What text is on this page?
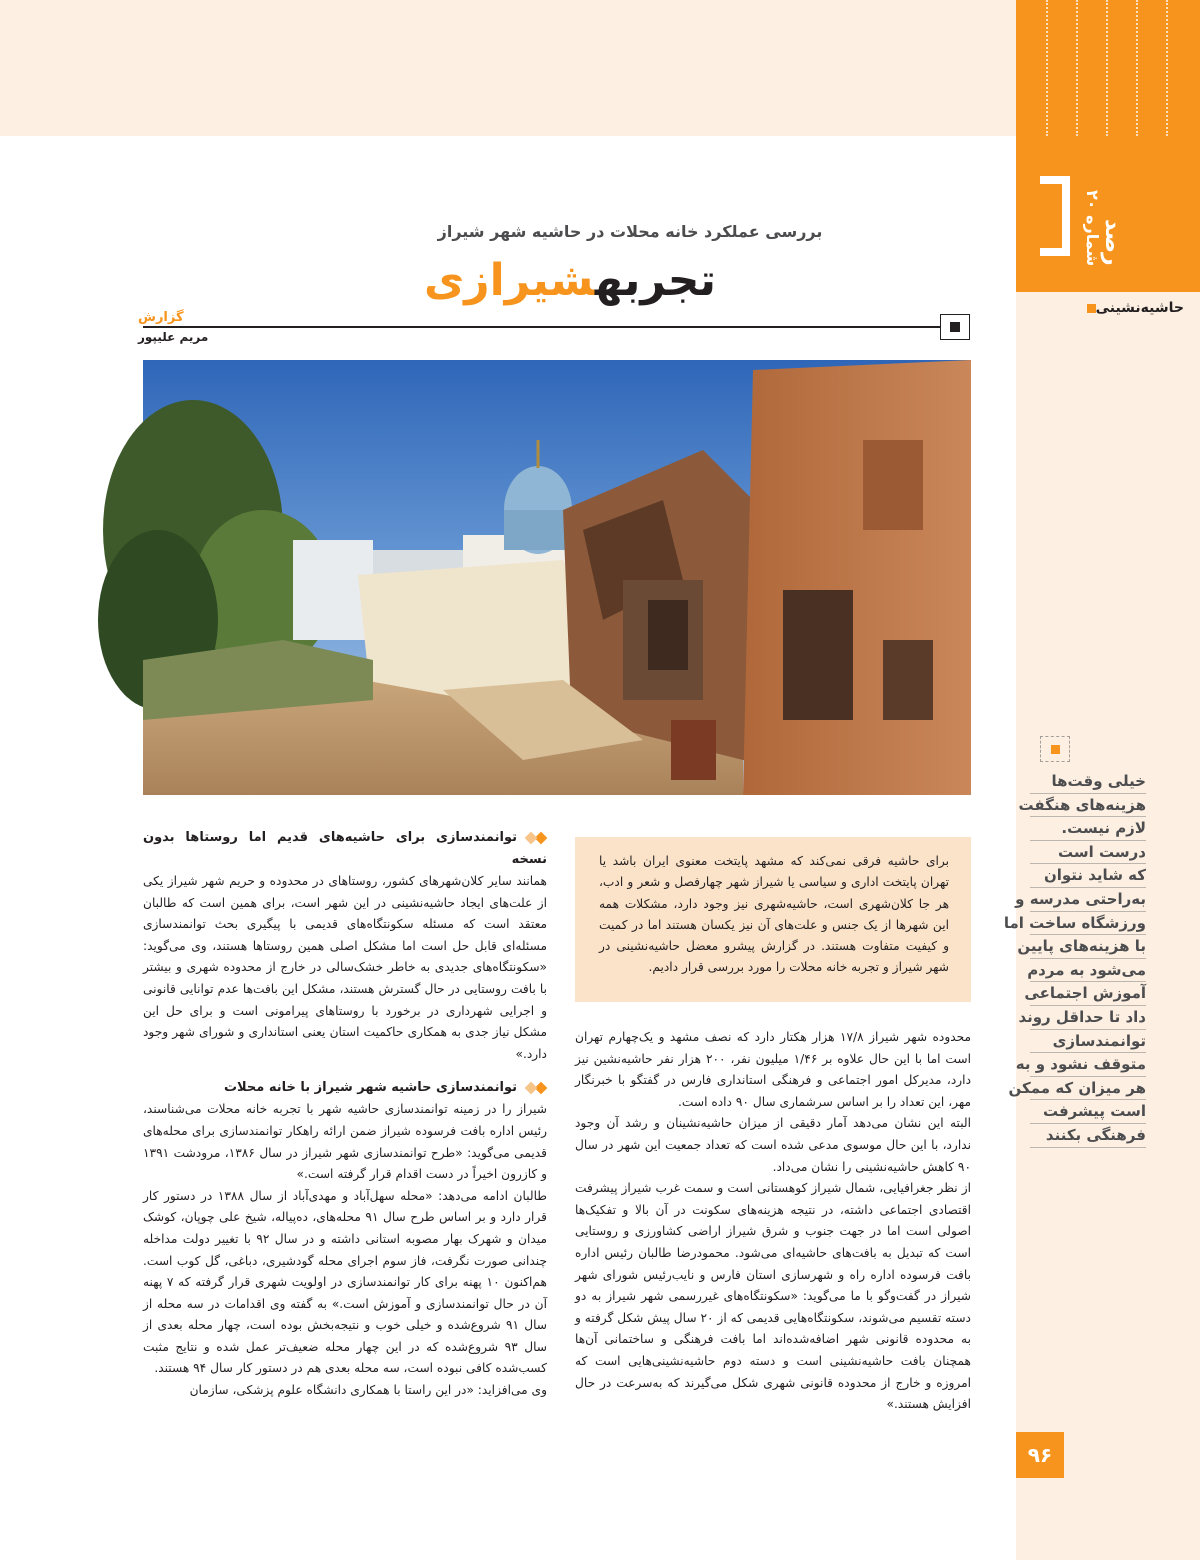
رصد
شماره ۲۰
حاشیه‌نشینی
خیلی وقت‌ها
هزینه‌های هنگفت
لازم نیست.
درست است
که شاید نتوان
به‌راحتی مدرسه و
ورزشگاه ساخت اما
با هزینه‌های پایین
می‌شود به مردم
آموزش اجتماعی
داد تا حداقل روند
توانمندسازی
متوقف نشود و به
هر میزان که ممکن
است پیشرفت
فرهنگی بکنند
۹۶
بررسی عملکرد خانه محلات در حاشیه شهر شیراز
تجربهشیرازی
گزارش
مریم علیپور
برای حاشیه فرقی نمی‌کند که مشهد پایتخت معنوی ایران باشد یا تهران پایتخت اداری و سیاسی یا شیراز شهر چهارفصل و شعر و ادب، هر جا کلان‌شهری است، حاشیه‌شهری نیز وجود دارد، مشکلات همه این شهرها از یک جنس و علت‌های آن نیز یکسان هستند اما در کمیت و کیفیت متفاوت هستند. در گزارش پیشرو معضل حاشیه‌نشینی در شهر شیراز و تجربه خانه محلات را مورد بررسی قرار دادیم.

محدوده شهر شیراز ۱۷/۸ هزار هکتار دارد که نصف مشهد و یک‌چهارم تهران است اما با این حال علاوه بر ۱/۴۶ میلیون نفر، ۲۰۰ هزار نفر حاشیه‌نشین نیز دارد، مدیرکل امور اجتماعی و فرهنگی استانداری فارس در گفتگو با خبرنگار مهر، این تعداد را بر اساس سرشماری سال ۹۰ داده است.

البته این نشان می‌دهد آمار دقیقی از میزان حاشیه‌نشینان و رشد آن وجود ندارد، با این حال موسوی مدعی شده است که تعداد جمعیت این شهر در سال ۹۰ کاهش حاشیه‌نشینی را نشان می‌داد.

از نظر جغرافیایی، شمال شیراز کوهستانی است و سمت غرب شیراز پیشرفت اقتصادی اجتماعی داشته، در نتیجه هزینه‌های سکونت در آن بالا و تفکیک‌ها اصولی است اما در جهت جنوب و شرق شیراز اراضی کشاورزی و روستایی است که تبدیل به بافت‌های حاشیه‌ای می‌شود. محمودرضا طالبان رئیس اداره بافت فرسوده اداره راه و شهرسازی استان فارس و نایب‌رئیس شورای شهر شیراز در گفت‌وگو با ما می‌گوید: «سکونتگاه‌های غیررسمی شهر شیراز به دو دسته تقسیم می‌شوند، سکونتگاه‌هایی قدیمی که از ۲۰ سال پیش شکل گرفته و به محدوده قانونی شهر اضافه‌شده‌اند اما بافت فرهنگی و ساختمانی آن‌ها همچنان بافت حاشیه‌نشینی است و دسته دوم حاشیه‌نشینی‌هایی است که امروزه و خارج از محدوده قانونی شهری شکل می‌گیرند که به‌سرعت در حال افزایش هستند.»

توانمندسازی برای حاشیه‌های قدیم اما روستاها بدون نسخه

همانند سایر کلان‌شهرهای کشور، روستاهای در محدوده و حریم شهر شیراز یکی از علت‌های ایجاد حاشیه‌نشینی در این شهر است، برای همین است که طالبان معتقد است که مسئله سکونتگاه‌های قدیمی با پیگیری بحث توانمندسازی مسئله‌ای قابل حل است اما مشکل اصلی همین روستاها هستند، وی می‌گوید: «سکونتگاه‌های جدیدی به خاطر خشک‌سالی در خارج از محدوده شهری و بیشتر با بافت روستایی در حال گسترش هستند، مشکل این بافت‌ها عدم توانایی قانونی و اجرایی شهرداری در برخورد با روستاهای پیرامونی است و برای حل این مشکل نیاز جدی به همکاری حاکمیت استان یعنی استانداری و شورای شهر وجود دارد.»

توانمندسازی حاشیه شهر شیراز با خانه محلات

شیراز را در زمینه توانمندسازی حاشیه شهر با تجربه خانه محلات می‌شناسند، رئیس اداره بافت فرسوده شیراز ضمن ارائه راهکار توانمندسازی برای محله‌های قدیمی می‌گوید: «طرح توانمندسازی شهر شیراز در سال ۱۳۸۶، مرودشت ۱۳۹۱ و کازرون اخیراً در دست اقدام قرار گرفته است.»

طالبان ادامه می‌دهد: «محله سهل‌آباد و مهدی‌آباد از سال ۱۳۸۸ در دستور کار قرار دارد و بر اساس طرح سال ۹۱ محله‌های، ده‌پیاله، شیخ علی چوپان، کوشک میدان و شهرک بهار مصوبه استانی داشته و در سال ۹۲ با تغییر دولت مداخله چندانی صورت نگرفت، فاز سوم اجرای محله گودشیری، دباغی، گل کوب است. هم‌اکنون ۱۰ پهنه برای کار توانمندسازی در اولویت شهری قرار گرفته که ۷ پهنه آن در حال توانمندسازی و آموزش است.» به گفته وی اقدامات در سه محله از سال ۹۱ شروع‌شده و خیلی خوب و نتیجه‌بخش بوده است، چهار محله بعدی از سال ۹۳ شروع‌شده که در این چهار محله ضعیف‌تر عمل شده و نتایج مثبت کسب‌شده کافی نبوده است، سه محله بعدی هم در دستور کار سال ۹۴ هستند.

وی می‌افزاید: «در این راستا با همکاری دانشگاه علوم پزشکی، سازمان
